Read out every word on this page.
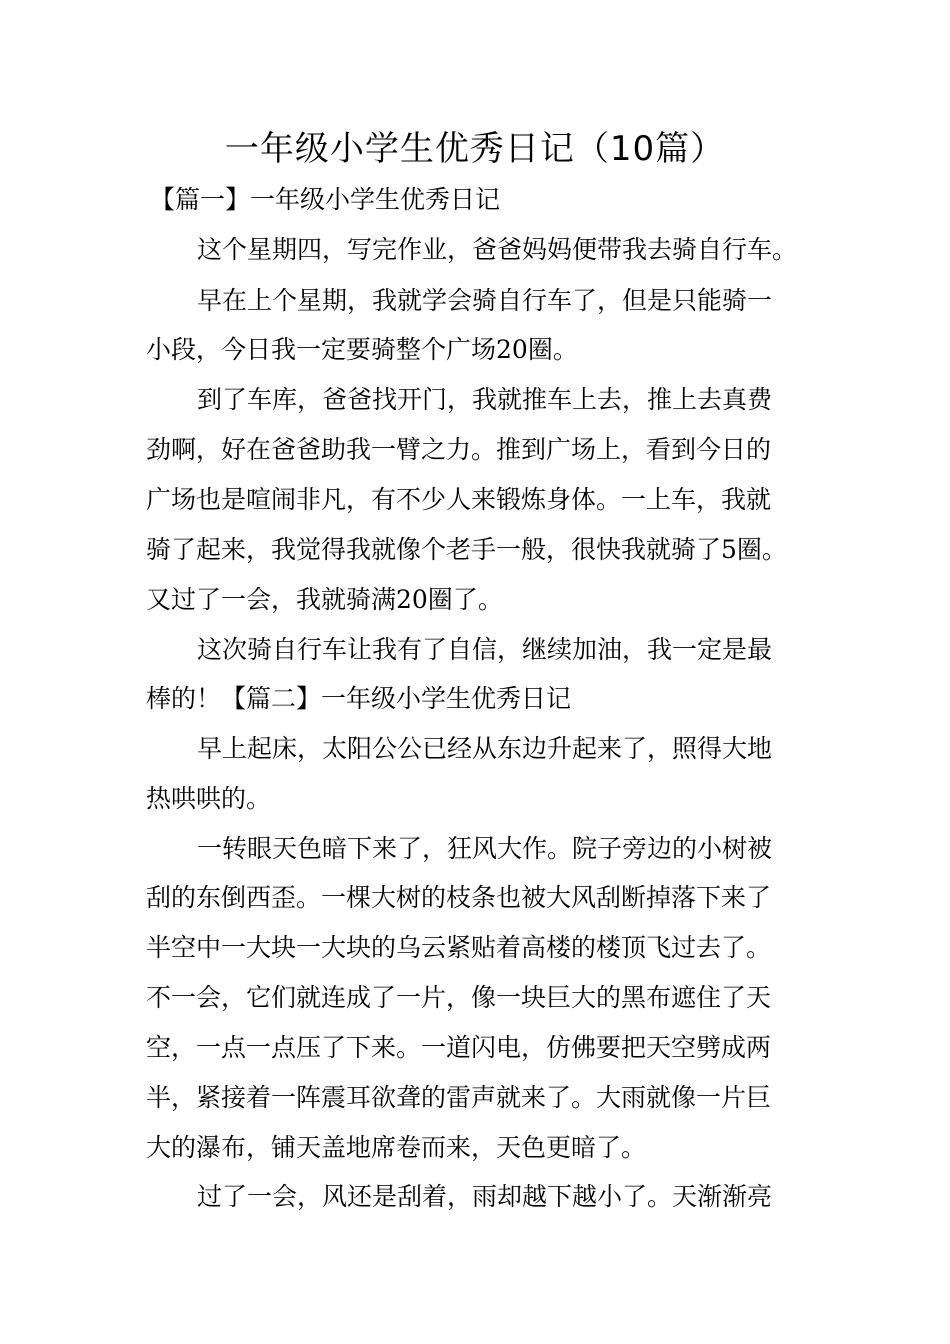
一年级小学生优秀日记（10篇）
【篇一】一年级小学生优秀日记
这个星期四，写完作业，爸爸妈妈便带我去骑自行车。
早在上个星期，我就学会骑自行车了，但是只能骑一
小段，今日我一定要骑整个广场20圈。
到了车库，爸爸找开门，我就推车上去，推上去真费
劲啊，好在爸爸助我一臂之力。推到广场上，看到今日的
广场也是喧闹非凡，有不少人来锻炼身体。一上车，我就
骑了起来，我觉得我就像个老手一般，很快我就骑了5圈。
又过了一会，我就骑满20圈了。
这次骑自行车让我有了自信，继续加油，我一定是最
棒的！【篇二】一年级小学生优秀日记
早上起床，太阳公公已经从东边升起来了，照得大地
热哄哄的。
一转眼天色暗下来了，狂风大作。院子旁边的小树被
刮的东倒西歪。一棵大树的枝条也被大风刮断掉落下来了
半空中一大块一大块的乌云紧贴着高楼的楼顶飞过去了。
不一会，它们就连成了一片，像一块巨大的黑布遮住了天
空，一点一点压了下来。一道闪电，仿佛要把天空劈成两
半，紧接着一阵震耳欲聋的雷声就来了。大雨就像一片巨
大的瀑布，铺天盖地席卷而来，天色更暗了。
过了一会，风还是刮着，雨却越下越小了。天渐渐亮
